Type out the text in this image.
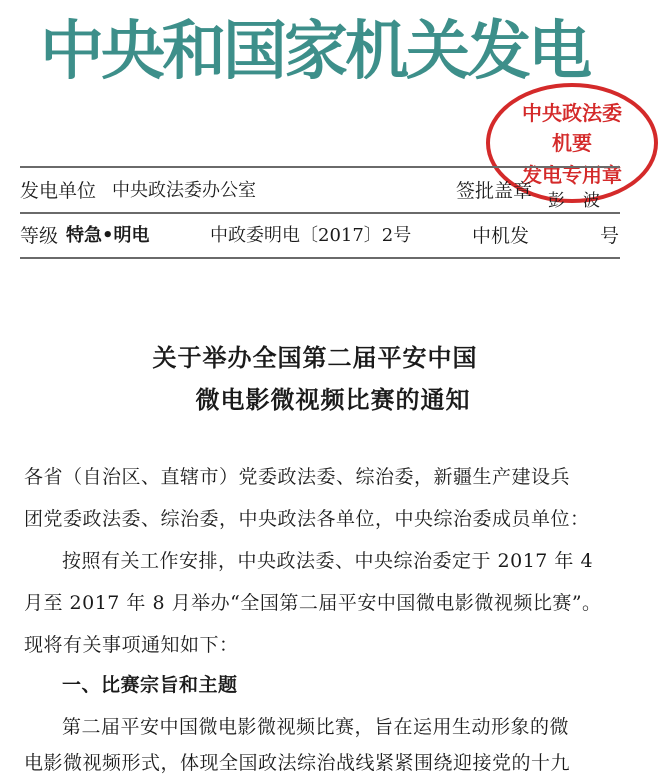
中央和国家机关发电
中央政法委
机要
发电专用章
发电单位 中央政法委办公室	签批盖章 彭波
等级 特急•明电	中政委明电〔2017〕2号	中机发	号
关于举办全国第二届平安中国
微电影微视频比赛的通知
各省（自治区、直辖市）党委政法委、综治委，新疆生产建设兵
团党委政法委、综治委，中央政法各单位，中央综治委成员单位：
按照有关工作安排，中央政法委、中央综治委定于 2017 年 4
月至 2017 年 8 月举办“全国第二届平安中国微电影微视频比赛”。
现将有关事项通知如下：
一、比赛宗旨和主题
第二届平安中国微电影微视频比赛，旨在运用生动形象的微
电影微视频形式，体现全国政法综治战线紧紧围绕迎接党的十九
